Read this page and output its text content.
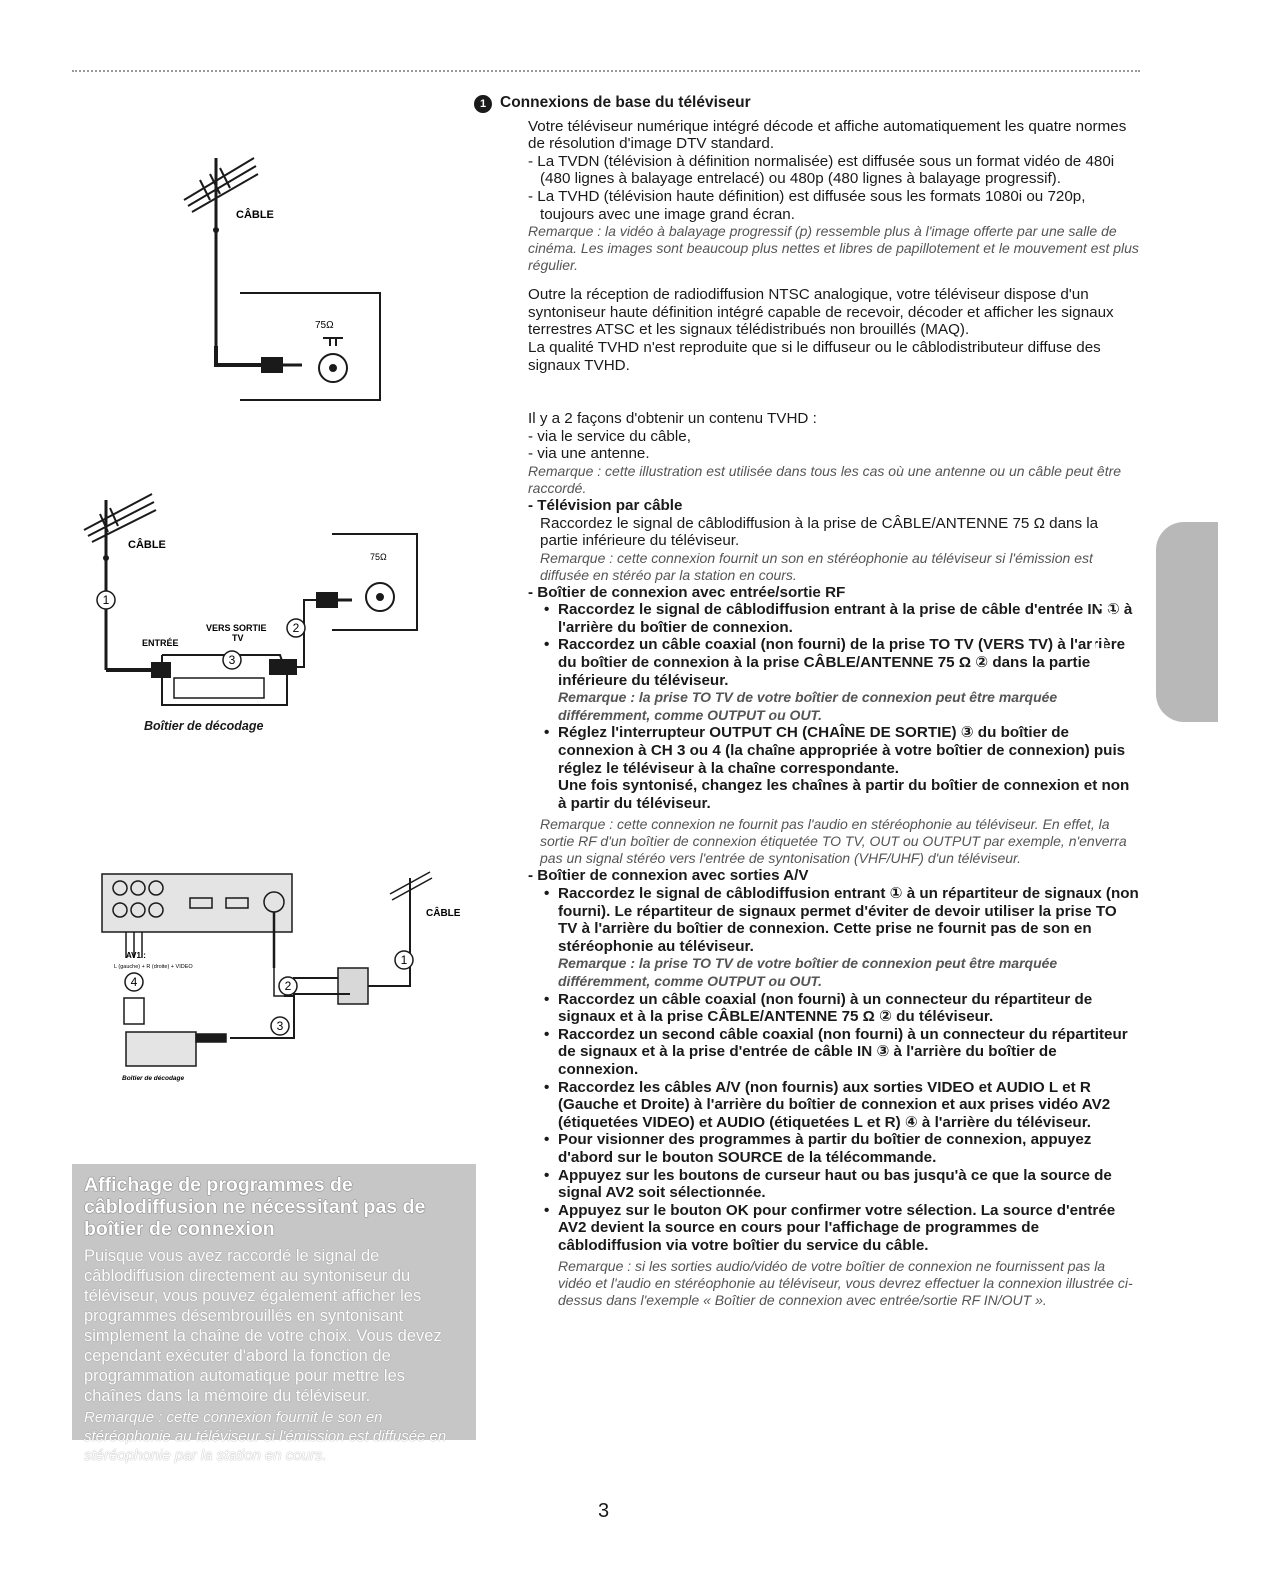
CÂBLE
75Ω
CÂBLE
75Ω
VERS SORTIE
TV
ENTRÉE
1
2
3
Boîtier de décodage
CÂBLE
AV1 :
L (gauche) + R (droite) + VIDEO
Boîtier de décodage
1
2
3
4
1 Connexions de base du téléviseur

Votre téléviseur numérique intégré décode et affiche automatiquement les quatre normes de résolution d'image DTV standard.

- La TVDN (télévision à définition normalisée) est diffusée sous un format vidéo de 480i (480 lignes à balayage entrelacé) ou 480p (480 lignes à balayage progressif).

- La TVHD (télévision haute définition) est diffusée sous les formats 1080i ou 720p, toujours avec une image grand écran.

Remarque : la vidéo à balayage progressif (p) ressemble plus à l'image offerte par une salle de cinéma. Les images sont beaucoup plus nettes et libres de papillotement et le mouvement est plus régulier.

Outre la réception de radiodiffusion NTSC analogique, votre téléviseur dispose d'un syntoniseur haute définition intégré capable de recevoir, décoder et afficher les signaux terrestres ATSC et les signaux télédistribués non brouillés (MAQ).

La qualité TVHD n'est reproduite que si le diffuseur ou le câblodistributeur diffuse des signaux TVHD.

Il y a 2 façons d'obtenir un contenu TVHD :

- via le service du câble,

- via une antenne.

Remarque : cette illustration est utilisée dans tous les cas où une antenne ou un câble peut être raccordé.

- Télévision par câble

Raccordez le signal de câblodiffusion à la prise de CÂBLE/ANTENNE 75 Ω dans la partie inférieure du téléviseur.

Remarque : cette connexion fournit un son en stéréophonie au téléviseur si l'émission est diffusée en stéréo par la station en cours.

- Boîtier de connexion avec entrée/sortie RF

• Raccordez le signal de câblodiffusion entrant à la prise de câble d'entrée IN ① à l'arrière du boîtier de connexion.
• Raccordez un câble coaxial (non fourni) de la prise TO TV (VERS TV) à l'arrière du boîtier de connexion à la prise CÂBLE/ANTENNE 75 Ω ② dans la partie inférieure du téléviseur.
Remarque : la prise TO TV de votre boîtier de connexion peut être marquée différemment, comme OUTPUT ou OUT.
• Réglez l'interrupteur OUTPUT CH (CHAÎNE DE SORTIE) ③ du boîtier de connexion à CH 3 ou 4 (la chaîne appropriée à votre boîtier de connexion) puis réglez le téléviseur à la chaîne correspondante.
Une fois syntonisé, changez les chaînes à partir du boîtier de connexion et non à partir du téléviseur.

Remarque : cette connexion ne fournit pas l'audio en stéréophonie au téléviseur. En effet, la sortie RF d'un boîtier de connexion étiquetée TO TV, OUT ou OUTPUT par exemple, n'enverra pas un signal stéréo vers l'entrée de syntonisation (VHF/UHF) d'un téléviseur.

- Boîtier de connexion avec sorties A/V

• Raccordez le signal de câblodiffusion entrant ① à un répartiteur de signaux (non fourni). Le répartiteur de signaux permet d'éviter de devoir utiliser la prise TO TV à l'arrière du boîtier de connexion. Cette prise ne fournit pas de son en stéréophonie au téléviseur.
Remarque : la prise TO TV de votre boîtier de connexion peut être marquée différemment, comme OUTPUT ou OUT.
• Raccordez un câble coaxial (non fourni) à un connecteur du répartiteur de signaux et à la prise CÂBLE/ANTENNE 75 Ω ② du téléviseur.
• Raccordez un second câble coaxial (non fourni) à un connecteur du répartiteur de signaux et à la prise d'entrée de câble IN ③ à l'arrière du boîtier de connexion.
• Raccordez les câbles A/V (non fournis) aux sorties VIDEO et AUDIO L et R (Gauche et Droite) à l'arrière du boîtier de connexion et aux prises vidéo AV2 (étiquetées VIDEO) et AUDIO (étiquetées L et R) ④ à l'arrière du téléviseur.
• Pour visionner des programmes à partir du boîtier de connexion, appuyez d'abord sur le bouton SOURCE de la télécommande.
• Appuyez sur les boutons de curseur haut ou bas jusqu'à ce que la source de signal AV2 soit sélectionnée.
• Appuyez sur le bouton OK pour confirmer votre sélection. La source d'entrée AV2 devient la source en cours pour l'affichage de programmes de câblodiffusion via votre boîtier du service du câble.

Remarque : si les sorties audio/vidéo de votre boîtier de connexion ne fournissent pas la vidéo et l'audio en stéréophonie au téléviseur, vous devrez effectuer la connexion illustrée ci-dessus dans l'exemple « Boîtier de connexion avec entrée/sortie RF IN/OUT ».

Français
Affichage de programmes de câblodiffusion ne nécessitant pas de boîtier de connexion

Puisque vous avez raccordé le signal de câblodiffusion directement au syntoniseur du téléviseur, vous pouvez également afficher les programmes désembrouillés en syntonisant simplement la chaîne de votre choix. Vous devez cependant exécuter d'abord la fonction de programmation automatique pour mettre les chaînes dans la mémoire du téléviseur.

Remarque : cette connexion fournit le son en stéréophonie au téléviseur si l'émission est diffusée en stéréophonie par la station en cours.

3
